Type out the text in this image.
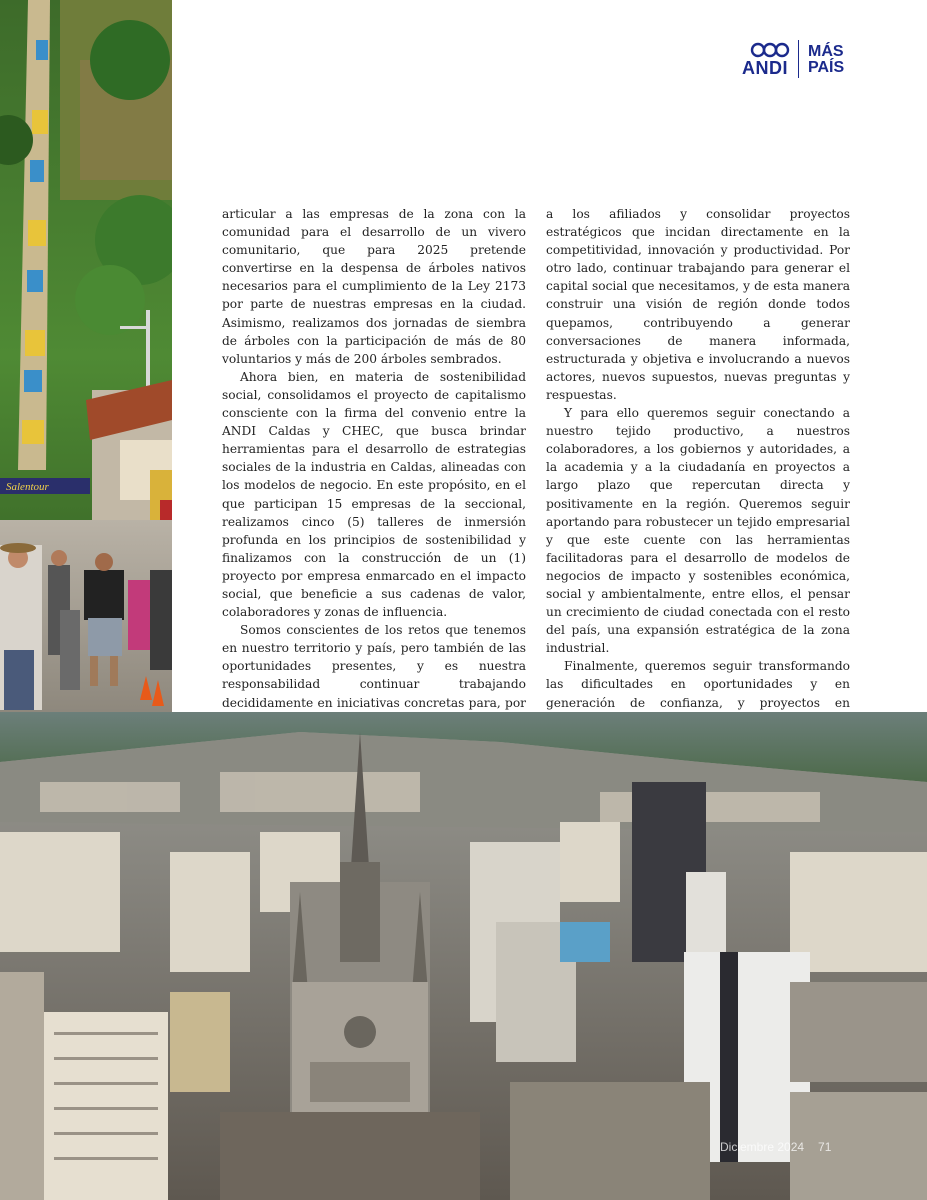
Salentour
ANDI
MÁS
PAÍS

articular a las empresas de la zona con la comunidad para el desarrollo de un vivero comunitario, que para 2025 pretende convertirse en la despensa de árboles nativos necesarios para el cumplimiento de la Ley 2173 por parte de nuestras empresas en la ciudad. Asimismo, realizamos dos jornadas de siembra de árboles con la participación de más de 80 voluntarios y más de 200 árboles sembrados.

Ahora bien, en materia de sostenibilidad social, consolidamos el proyecto de capitalismo consciente con la firma del convenio entre la ANDI Caldas y CHEC, que busca brindar herramientas para el desarrollo de estrategias sociales de la industria en Caldas, alineadas con los modelos de negocio. En este propósito, en el que participan 15 empresas de la seccional, realizamos cinco (5) talleres de inmersión profunda en los principios de sostenibilidad y finalizamos con la construcción de un (1) proyecto por empresa enmarcado en el impacto social, que beneficie a sus cadenas de valor, colaboradores y zonas de influencia.

Somos conscientes de los retos que tenemos en nuestro territorio y país, pero también de las oportunidades presentes, y es nuestra responsabilidad continuar trabajando decididamente en iniciativas concretas para, por

a los afiliados y consolidar proyectos estratégicos que incidan directamente en la competitividad, innovación y productividad. Por otro lado, continuar trabajando para generar el capital social que necesitamos, y de esta manera construir una visión de región donde todos quepamos, contribuyendo a generar conversaciones de manera informada, estructurada y objetiva e involucrando a nuevos actores, nuevos supuestos, nuevas preguntas y respuestas.

Y para ello queremos seguir conectando a nuestro tejido productivo, a nuestros colaboradores, a los gobiernos y autoridades, a la academia y a la ciudadanía en proyectos a largo plazo que repercutan directa y positivamente en la región. Queremos seguir aportando para robustecer un tejido empresarial y que este cuente con las herramientas facilitadoras para el desarrollo de modelos de negocios de impacto y sostenibles económica, social y ambientalmente, entre ellos, el pensar un crecimiento de ciudad conectada con el resto del país, una expansión estratégica de la zona industrial.

Finalmente, queremos seguir transformando las dificultades en oportunidades y en generación de confianza, y proyectos en

Diciembre 2024 71
